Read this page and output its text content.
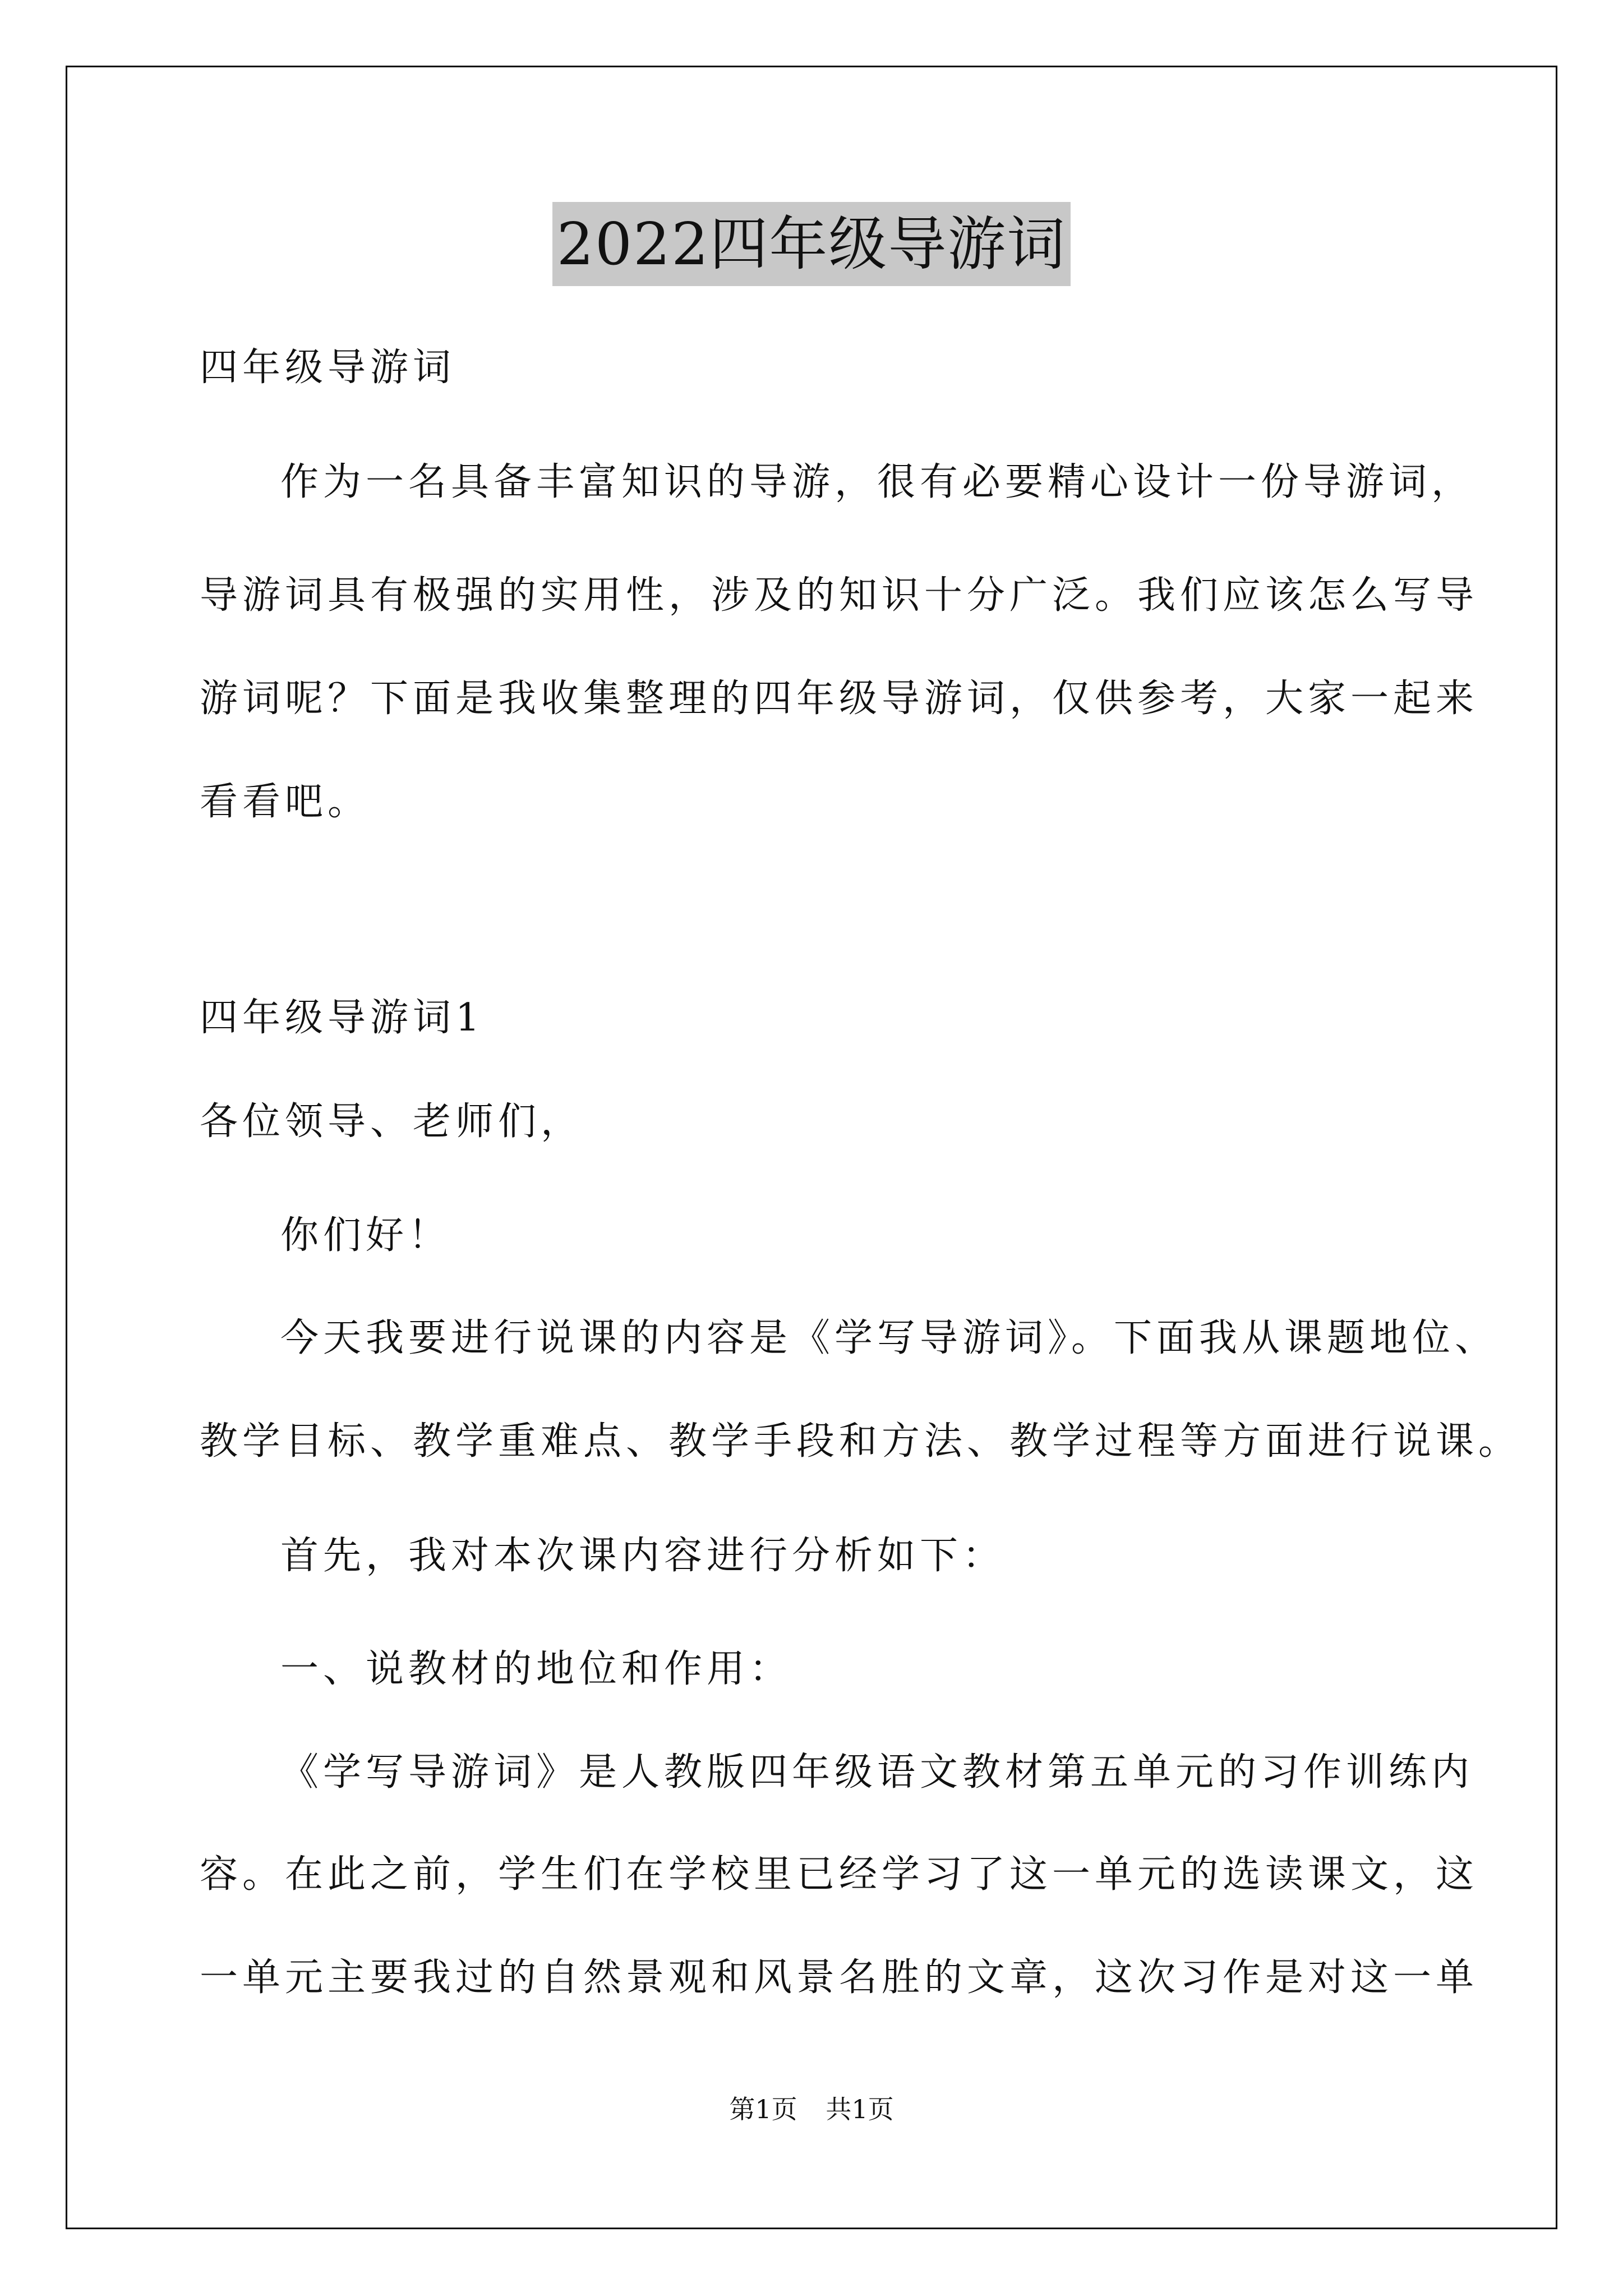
2022四年级导游词
四年级导游词
作为一名具备丰富知识的导游，很有必要精心设计一份导游词，
导游词具有极强的实用性，涉及的知识十分广泛。我们应该怎么写导
游词呢？下面是我收集整理的四年级导游词，仅供参考，大家一起来
看看吧。
四年级导游词1
各位领导、老师们，
你们好！
今天我要进行说课的内容是《学写导游词》。下面我从课题地位、
教学目标、教学重难点、教学手段和方法、教学过程等方面进行说课。
首先，我对本次课内容进行分析如下：
一、说教材的地位和作用：
《学写导游词》是人教版四年级语文教材第五单元的习作训练内
容。在此之前，学生们在学校里已经学习了这一单元的选读课文，这
一单元主要我过的自然景观和风景名胜的文章，这次习作是对这一单
第1页 共1页
